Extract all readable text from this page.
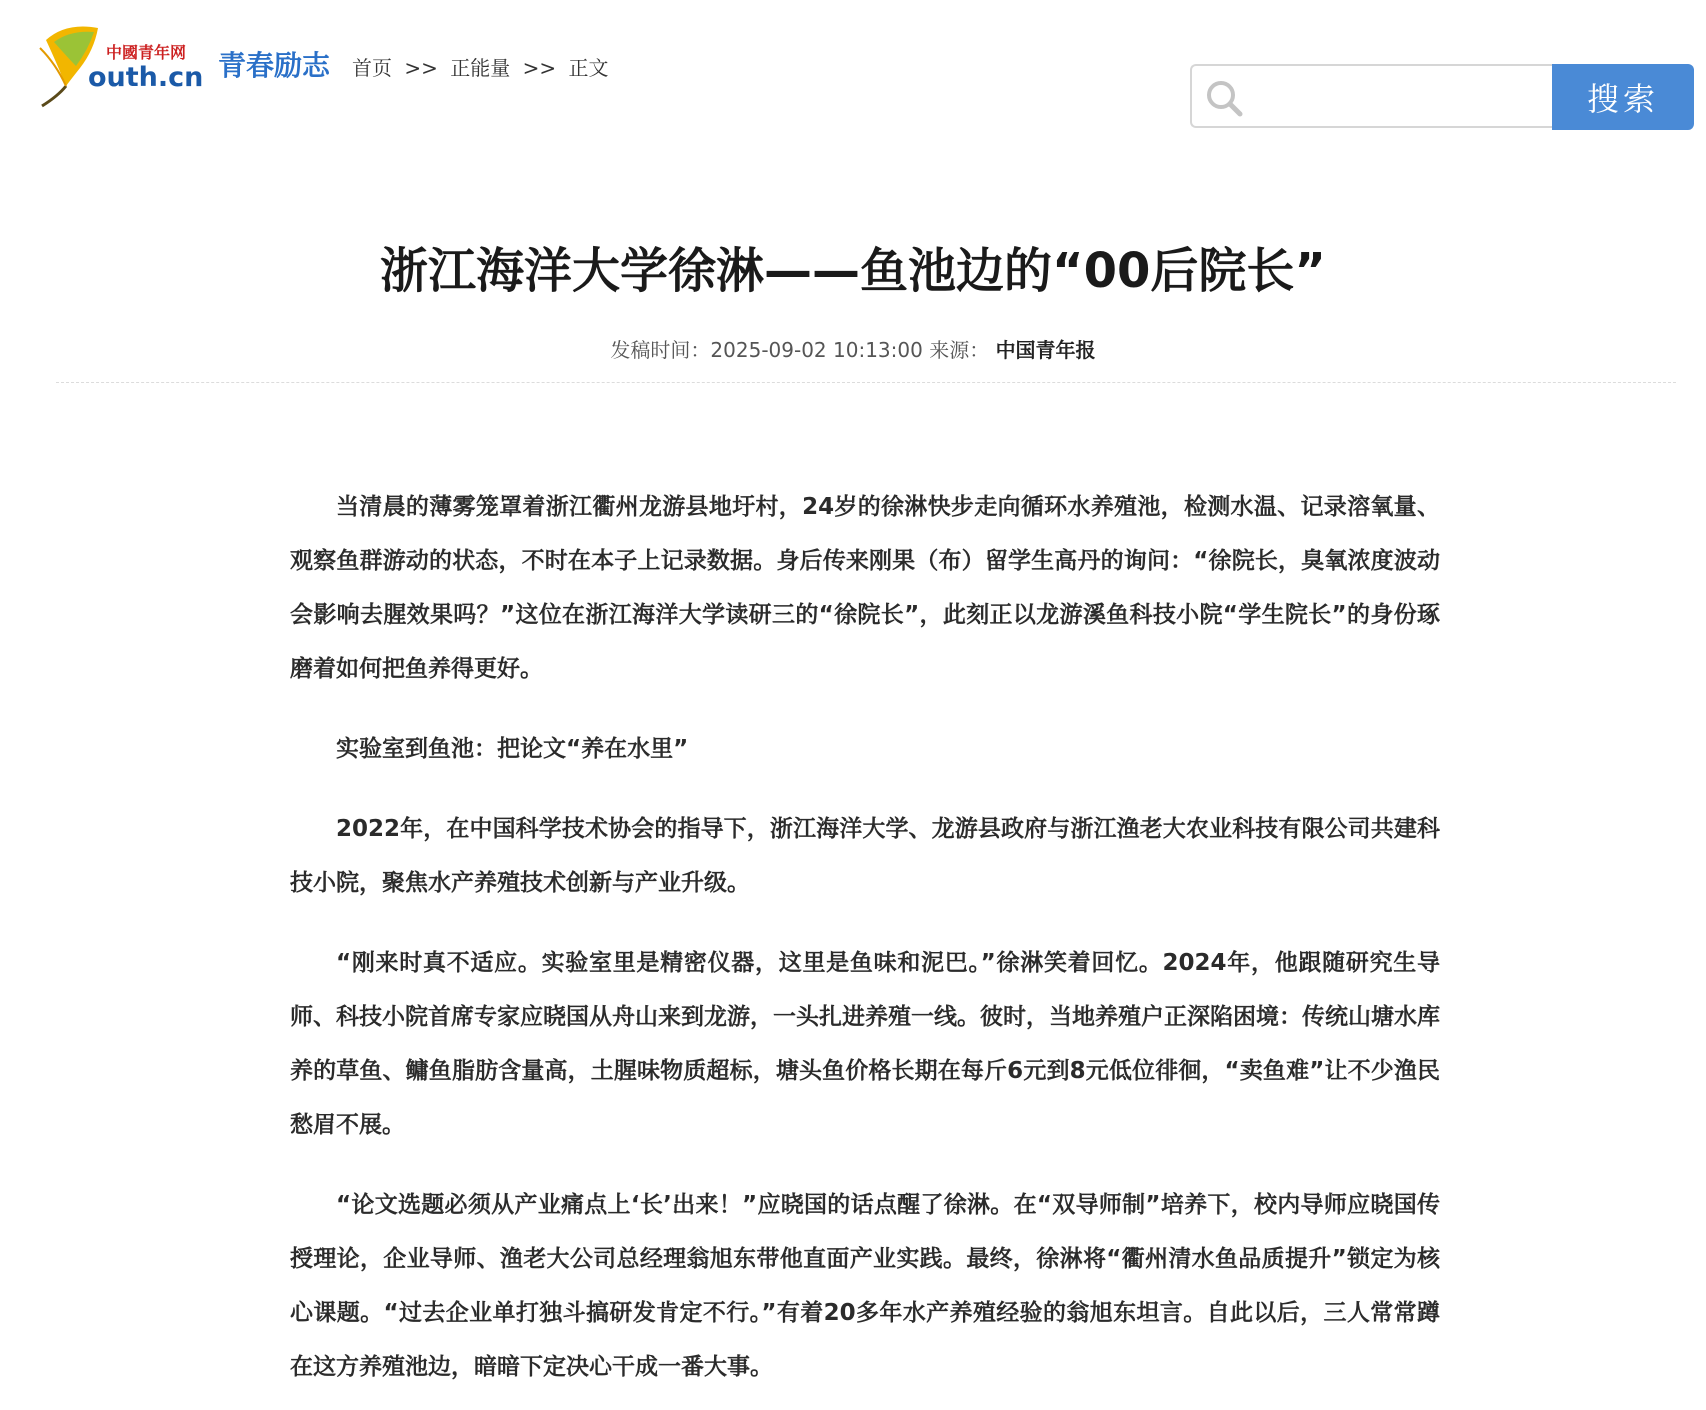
中國青年网
outh.cn 青春励志 首页 >> 正能量 >> 正文
搜索
浙江海洋大学徐淋——鱼池边的“00后院长”
发稿时间：2025-09-02 10:13:00 来源： 中国青年报

当清晨的薄雾笼罩着浙江衢州龙游县地圩村，24岁的徐淋快步走向循环水养殖池，检测水温、记录溶氧量、观察鱼群游动的状态，不时在本子上记录数据。身后传来刚果（布）留学生高丹的询问：“徐院长，臭氧浓度波动会影响去腥效果吗？”这位在浙江海洋大学读研三的“徐院长”，此刻正以龙游溪鱼科技小院“学生院长”的身份琢磨着如何把鱼养得更好。

实验室到鱼池：把论文“养在水里”

2022年，在中国科学技术协会的指导下，浙江海洋大学、龙游县政府与浙江渔老大农业科技有限公司共建科技小院，聚焦水产养殖技术创新与产业升级。

“刚来时真不适应。实验室里是精密仪器，这里是鱼味和泥巴。”徐淋笑着回忆。2024年，他跟随研究生导师、科技小院首席专家应晓国从舟山来到龙游，一头扎进养殖一线。彼时，当地养殖户正深陷困境：传统山塘水库养的草鱼、鳙鱼脂肪含量高，土腥味物质超标，塘头鱼价格长期在每斤6元到8元低位徘徊，“卖鱼难”让不少渔民愁眉不展。

“论文选题必须从产业痛点上‘长’出来！”应晓国的话点醒了徐淋。在“双导师制”培养下，校内导师应晓国传授理论，企业导师、渔老大公司总经理翁旭东带他直面产业实践。最终，徐淋将“衢州清水鱼品质提升”锁定为核心课题。“过去企业单打独斗搞研发肯定不行。”有着20多年水产养殖经验的翁旭东坦言。自此以后，三人常常蹲在这方养殖池边，暗暗下定决心干成一番大事。
